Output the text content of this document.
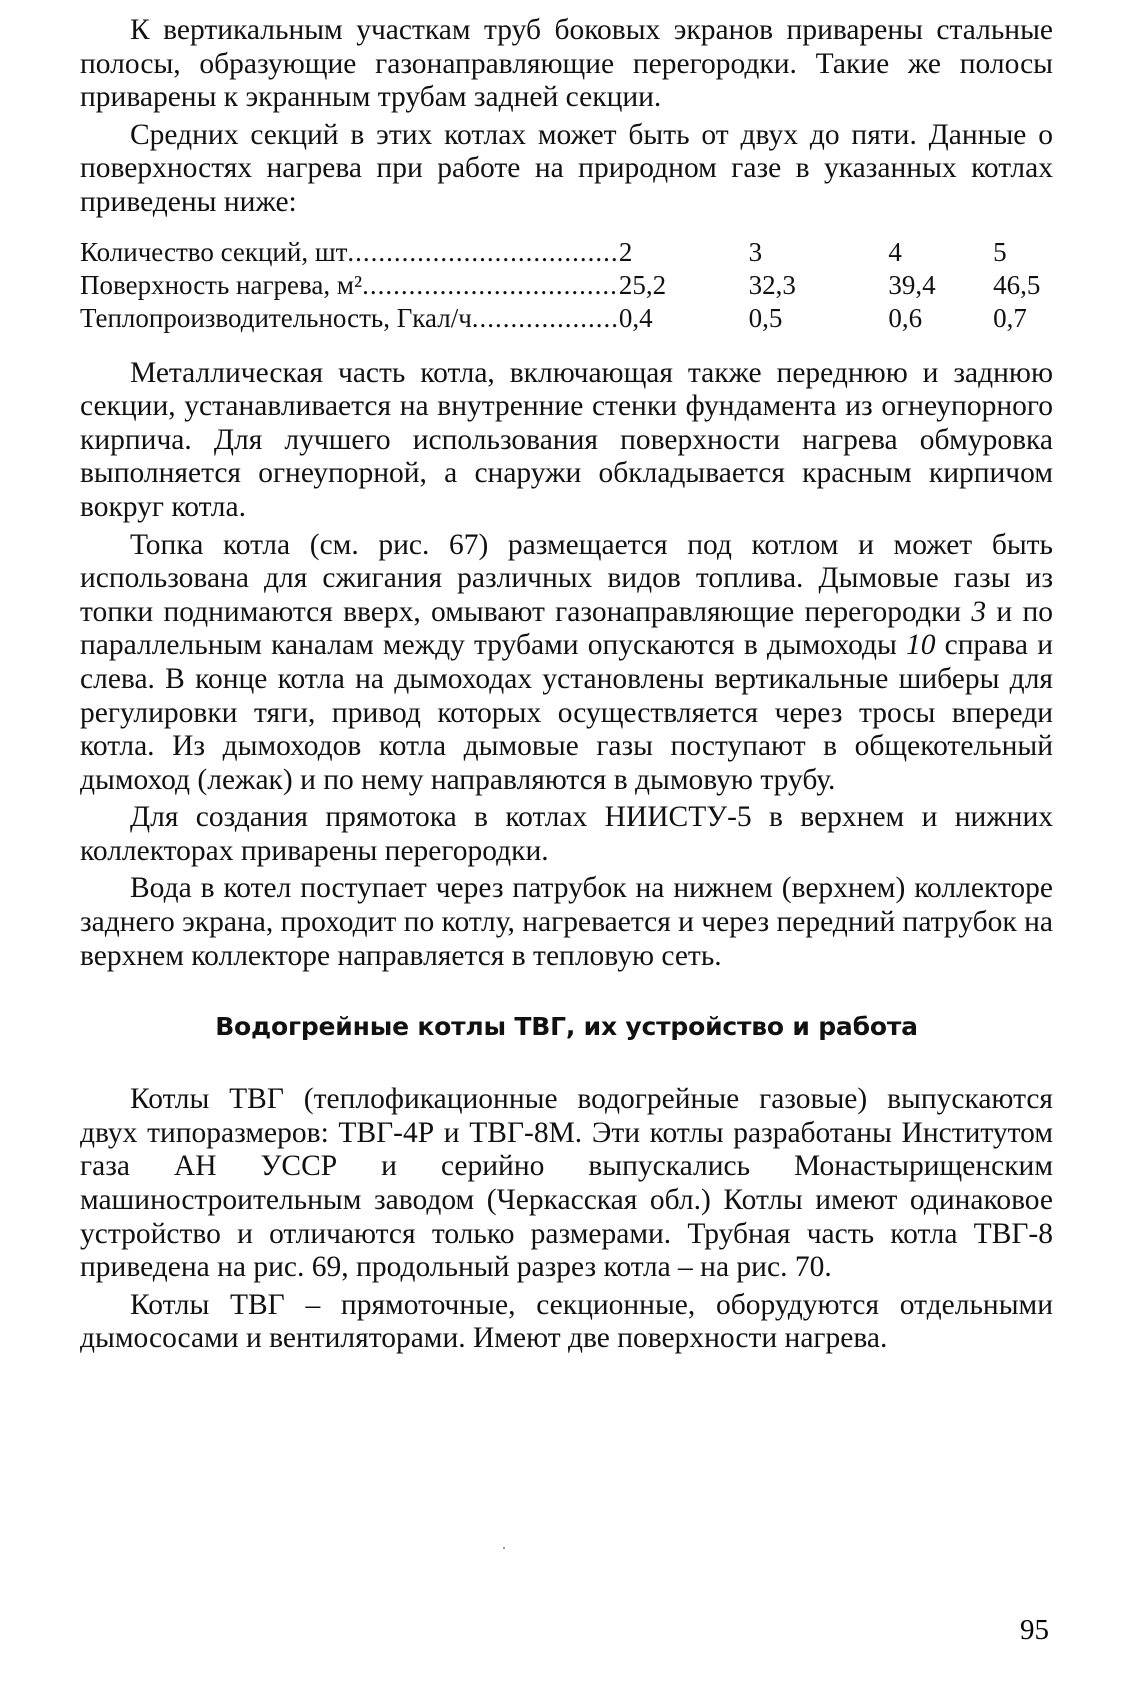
К вертикальным участкам труб боковых экранов приварены стальные полосы, образующие газонаправляющие перегородки. Такие же полосы приварены к экранным трубам задней секции.

Средних секций в этих котлах может быть от двух до пяти. Данные о поверхностях нагрева при работе на природном газе в указанных котлах приведены ниже:

Количество секций, шт .....	2	3	4	5
Поверхность нагрева, м² .....	25,2	32,3	39,4	46,5
Теплопроизводительность, Гкал/ч .....	0,4	0,5	0,6	0,7

Металлическая часть котла, включающая также переднюю и заднюю секции, устанавливается на внутренние стенки фундамента из огнеупорного кирпича. Для лучшего использования поверхности нагрева обмуровка выполняется огнеупорной, а снаружи обкладывается красным кирпичом вокруг котла.

Топка котла (см. рис. 67) размещается под котлом и может быть использована для сжигания различных видов топлива. Дымовые газы из топки поднимаются вверх, омывают газонаправляющие перегородки 3 и по параллельным каналам между трубами опускаются в дымоходы 10 справа и слева. В конце котла на дымоходах установлены вертикальные шиберы для регулировки тяги, привод которых осуществляется через тросы впереди котла. Из дымоходов котла дымовые газы поступают в общекотельный дымоход (лежак) и по нему направляются в дымовую трубу.

Для создания прямотока в котлах НИИСТУ-5 в верхнем и нижних коллекторах приварены перегородки.

Вода в котел поступает через патрубок на нижнем (верхнем) коллекторе заднего экрана, проходит по котлу, нагревается и через передний патрубок на верхнем коллекторе направляется в тепловую сеть.

Водогрейные котлы ТВГ, их устройство и работа

Котлы ТВГ (теплофикационные водогрейные газовые) выпускаются двух типоразмеров: ТВГ-4Р и ТВГ-8М. Эти котлы разработаны Институтом газа АН УССР и серийно выпускались Монастырищенским машиностроительным заводом (Черкасская обл.) Котлы имеют одинаковое устройство и отличаются только размерами. Трубная часть котла ТВГ-8 приведена на рис. 69, продольный разрез котла – на рис. 70.

Котлы ТВГ – прямоточные, секционные, оборудуются отдельными дымососами и вентиляторами. Имеют две поверхности нагрева.

95
